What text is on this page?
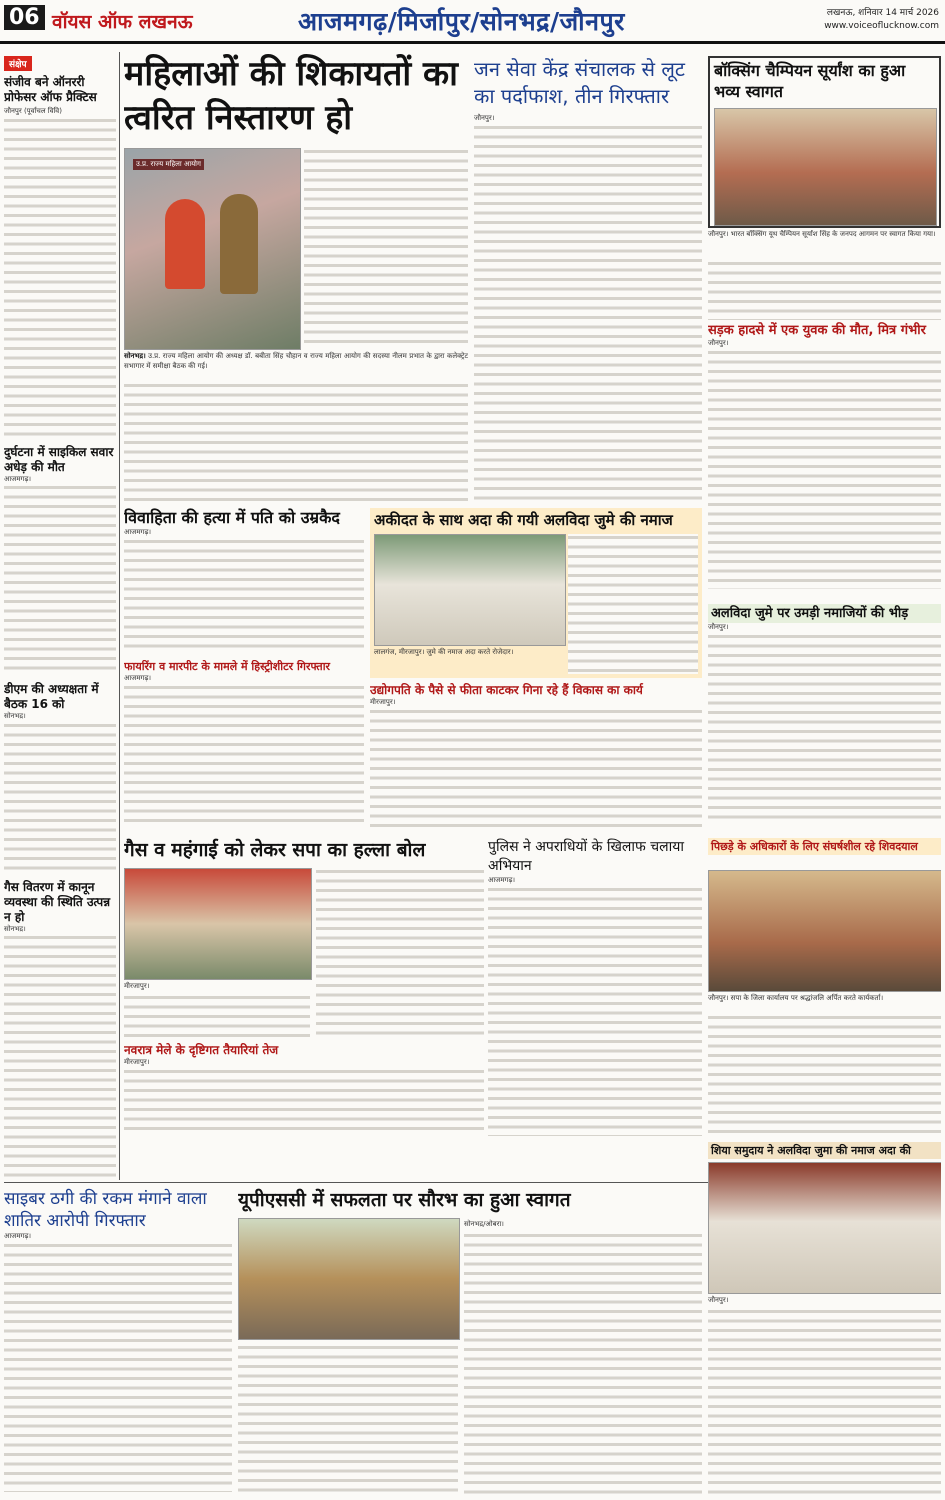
06 वॉयस ऑफ लखनऊ	आजमगढ़/मिर्जापुर/सोनभद्र/जौनपुर	लखनऊ, शनिवार 14 मार्च 2026
www.voiceoflucknow.com
संक्षेप
संजीव बने ऑनररी प्रोफेसर ऑफ प्रैक्टिस
जौनपुर (पूर्वांचल विवि)
दुर्घटना में साइकिल सवार अधेड़ की मौत
आजमगढ़।
डीएम की अध्यक्षता में बैठक 16 को
सोनभद्र।
गैस वितरण में कानून व्यवस्था की स्थिति उत्पन्न न हो
सोनभद्र।
महिलाओं की शिकायतों का त्वरित निस्तारण हो
उ.प्र. राज्य महिला आयोग
सोनभद्र। उ.प्र. राज्य महिला आयोग की अध्यक्ष डॉ. बबीता सिंह चौहान व राज्य महिला आयोग की सदस्या नीलम प्रभात के द्वारा कलेक्ट्रेट सभागार में समीक्षा बैठक की गई।
जन सेवा केंद्र संचालक से लूट का पर्दाफाश, तीन गिरफ्तार
जौनपुर।
बॉक्सिंग चैम्पियन सूर्यांश का हुआ भव्य स्वागत
जौनपुर। भारत बॉक्सिंग यूथ चैम्पियन सूर्यांश सिंह के जनपद आगमन पर स्वागत किया गया।
सड़क हादसे में एक युवक की मौत, मित्र गंभीर
जौनपुर।
विवाहिता की हत्या में पति को उम्रकैद
आजमगढ़।
फायरिंग व मारपीट के मामले में हिस्ट्रीशीटर गिरफ्तार
आजमगढ़।
अकीदत के साथ अदा की गयी अलविदा जुमे की नमाज
लालगंज, मीरजापुर। जुमे की नमाज अदा करते रोजेदार।
उद्योगपति के पैसे से फीता काटकर गिना रहे हैं विकास का कार्य
मीरजापुर।
अलविदा जुमे पर उमड़ी नमाजियों की भीड़
जौनपुर।
गैस व महंगाई को लेकर सपा का हल्ला बोल
मीरजापुर।
पुलिस ने अपराधियों के खिलाफ चलाया अभियान
आजमगढ़।
पिछड़े के अधिकारों के लिए संघर्षशील रहे शिवदयाल
जौनपुर। सपा के जिला कार्यालय पर श्रद्धांजलि अर्पित करते कार्यकर्ता।
नवरात्र मेले के दृष्टिगत तैयारियां तेज
मीरजापुर।
साइबर ठगी की रकम मंगाने वाला शातिर आरोपी गिरफ्तार
आजमगढ़।
यूपीएससी में सफलता पर सौरभ का हुआ स्वागत
सोनभद्र/ओबरा।
शिया समुदाय ने अलविदा जुमा की नमाज अदा की
जौनपुर।
